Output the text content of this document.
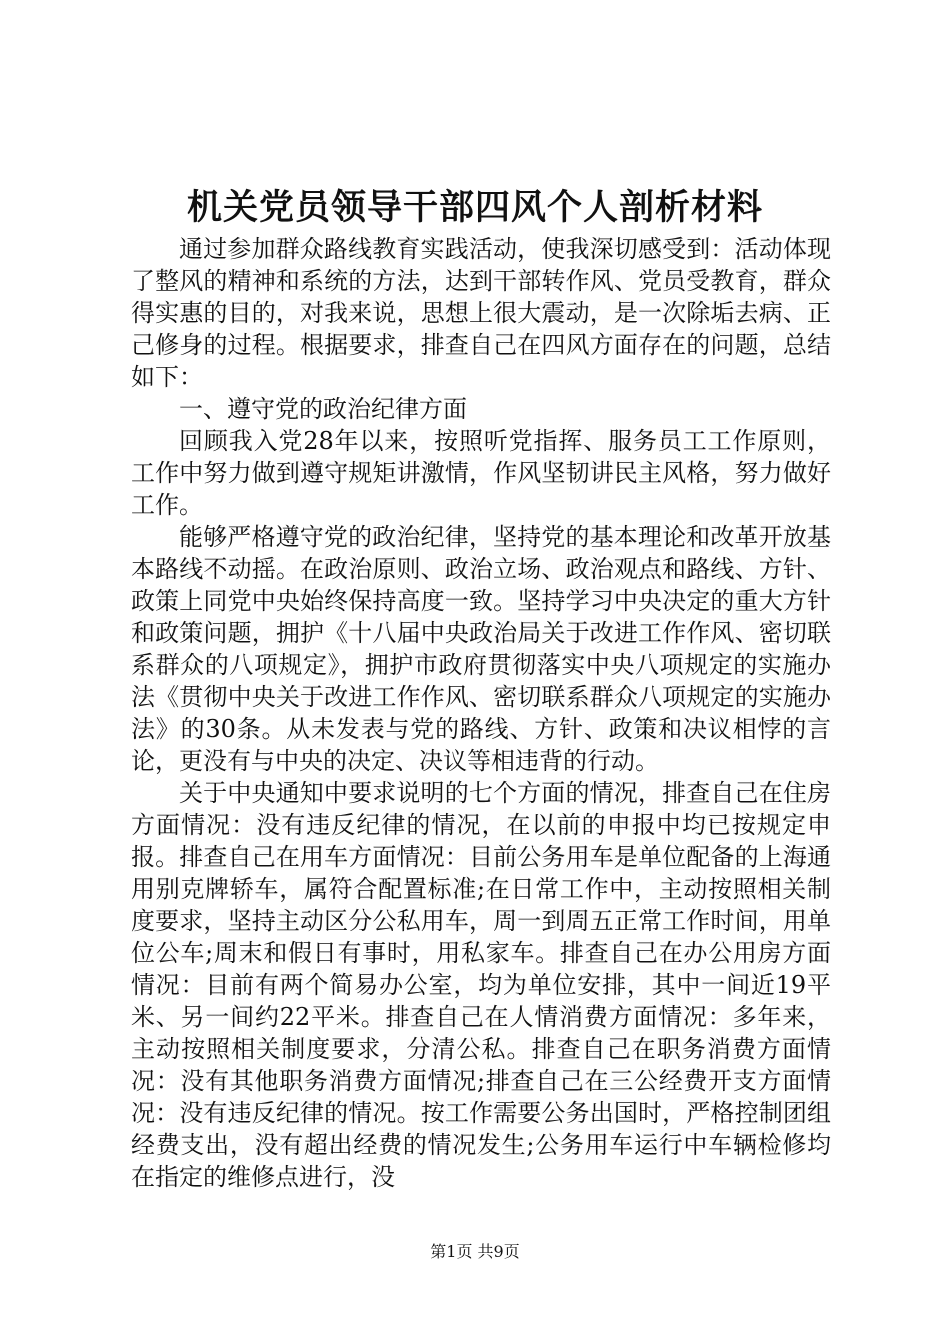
机关党员领导干部四风个人剖析材料

通过参加群众路线教育实践活动，使我深切感受到：活动体现了整风的精神和系统的方法，达到干部转作风、党员受教育，群众得实惠的目的，对我来说，思想上很大震动，是一次除垢去病、正己修身的过程。根据要求，排查自己在四风方面存在的问题，总结如下：

一、遵守党的政治纪律方面

回顾我入党28年以来，按照听党指挥、服务员工工作原则，工作中努力做到遵守规矩讲激情，作风坚韧讲民主风格，努力做好工作。

能够严格遵守党的政治纪律，坚持党的基本理论和改革开放基本路线不动摇。在政治原则、政治立场、政治观点和路线、方针、政策上同党中央始终保持高度一致。坚持学习中央决定的重大方针和政策问题，拥护《十八届中央政治局关于改进工作作风、密切联系群众的八项规定》，拥护市政府贯彻落实中央八项规定的实施办法《贯彻中央关于改进工作作风、密切联系群众八项规定的实施办法》的30条。从未发表与党的路线、方针、政策和决议相悖的言论，更没有与中央的决定、决议等相违背的行动。

关于中央通知中要求说明的七个方面的情况，排查自己在住房方面情况：没有违反纪律的情况，在以前的申报中均已按规定申报。排查自己在用车方面情况：目前公务用车是单位配备的上海通用别克牌轿车，属符合配置标准;在日常工作中，主动按照相关制度要求，坚持主动区分公私用车，周一到周五正常工作时间，用单位公车;周末和假日有事时，用私家车。排查自己在办公用房方面情况：目前有两个简易办公室，均为单位安排，其中一间近19平米、另一间约22平米。排查自己在人情消费方面情况：多年来，主动按照相关制度要求，分清公私。排查自己在职务消费方面情况：没有其他职务消费方面情况;排查自己在三公经费开支方面情况：没有违反纪律的情况。按工作需要公务出国时，严格控制团组经费支出，没有超出经费的情况发生;公务用车运行中车辆检修均在指定的维修点进行，没

第1页 共9页
